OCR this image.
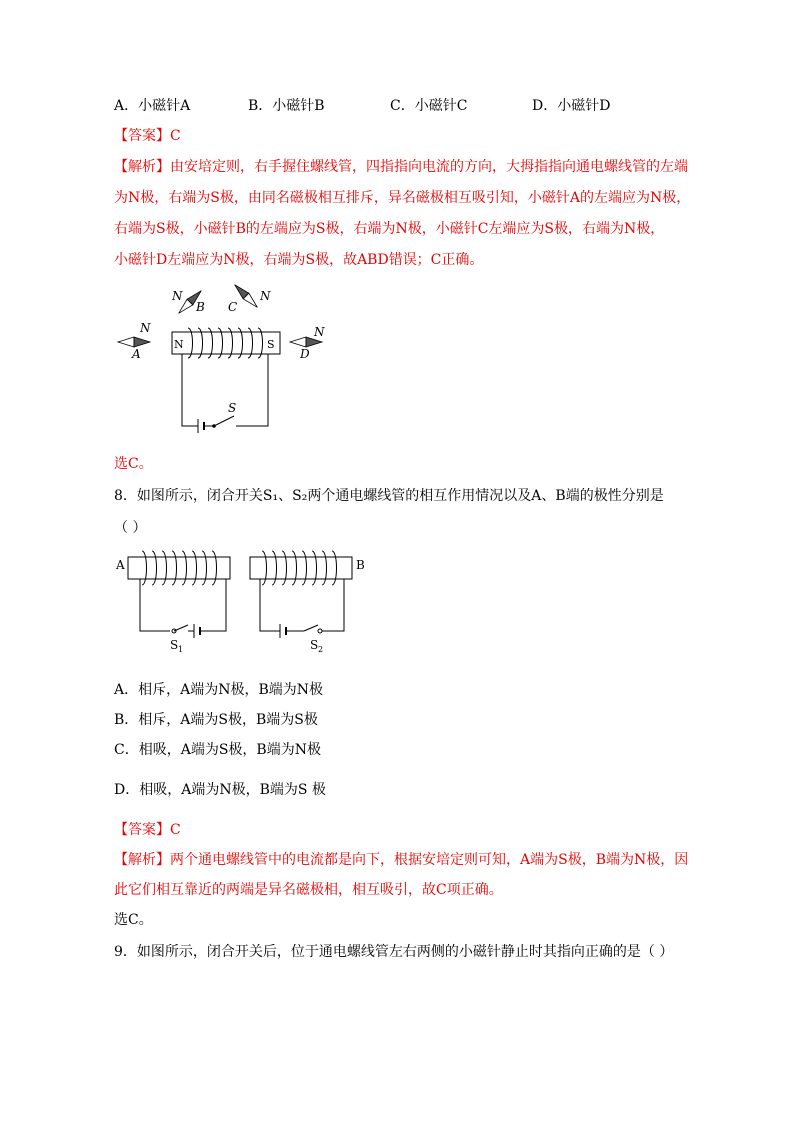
A．小磁针A	B．小磁针B	C．小磁针C	D．小磁针D
【答案】C
【解析】由安培定则，右手握住螺线管，四指指向电流的方向，大拇指指向通电螺线管的左端
为N极，右端为S极，由同名磁极相互排斥，异名磁极相互吸引知，小磁针A的左端应为N极，
右端为S极，小磁针B的左端应为S极，右端为N极，小磁针C左端应为S极，右端为N极，
小磁针D左端应为N极，右端为S极，故ABD错误；C正确。
N
B C
N
N
A
N	S
S
N
D
选C。
8．如图所示，闭合开关S₁、S₂两个通电螺线管的相互作用情况以及A、B端的极性分别是
（ ）
A
S 1
B
S 2
A．相斥，A端为N极，B端为N极
B．相斥，A端为S极，B端为S极
C．相吸，A端为S极，B端为N极
D．相吸，A端为N极，B端为S 极
【答案】C
【解析】两个通电螺线管中的电流都是向下，根据安培定则可知，A端为S极，B端为N极，因
此它们相互靠近的两端是异名磁极相，相互吸引，故C项正确。
选C。
9．如图所示，闭合开关后，位于通电螺线管左右两侧的小磁针静止时其指向正确的是（ ）
